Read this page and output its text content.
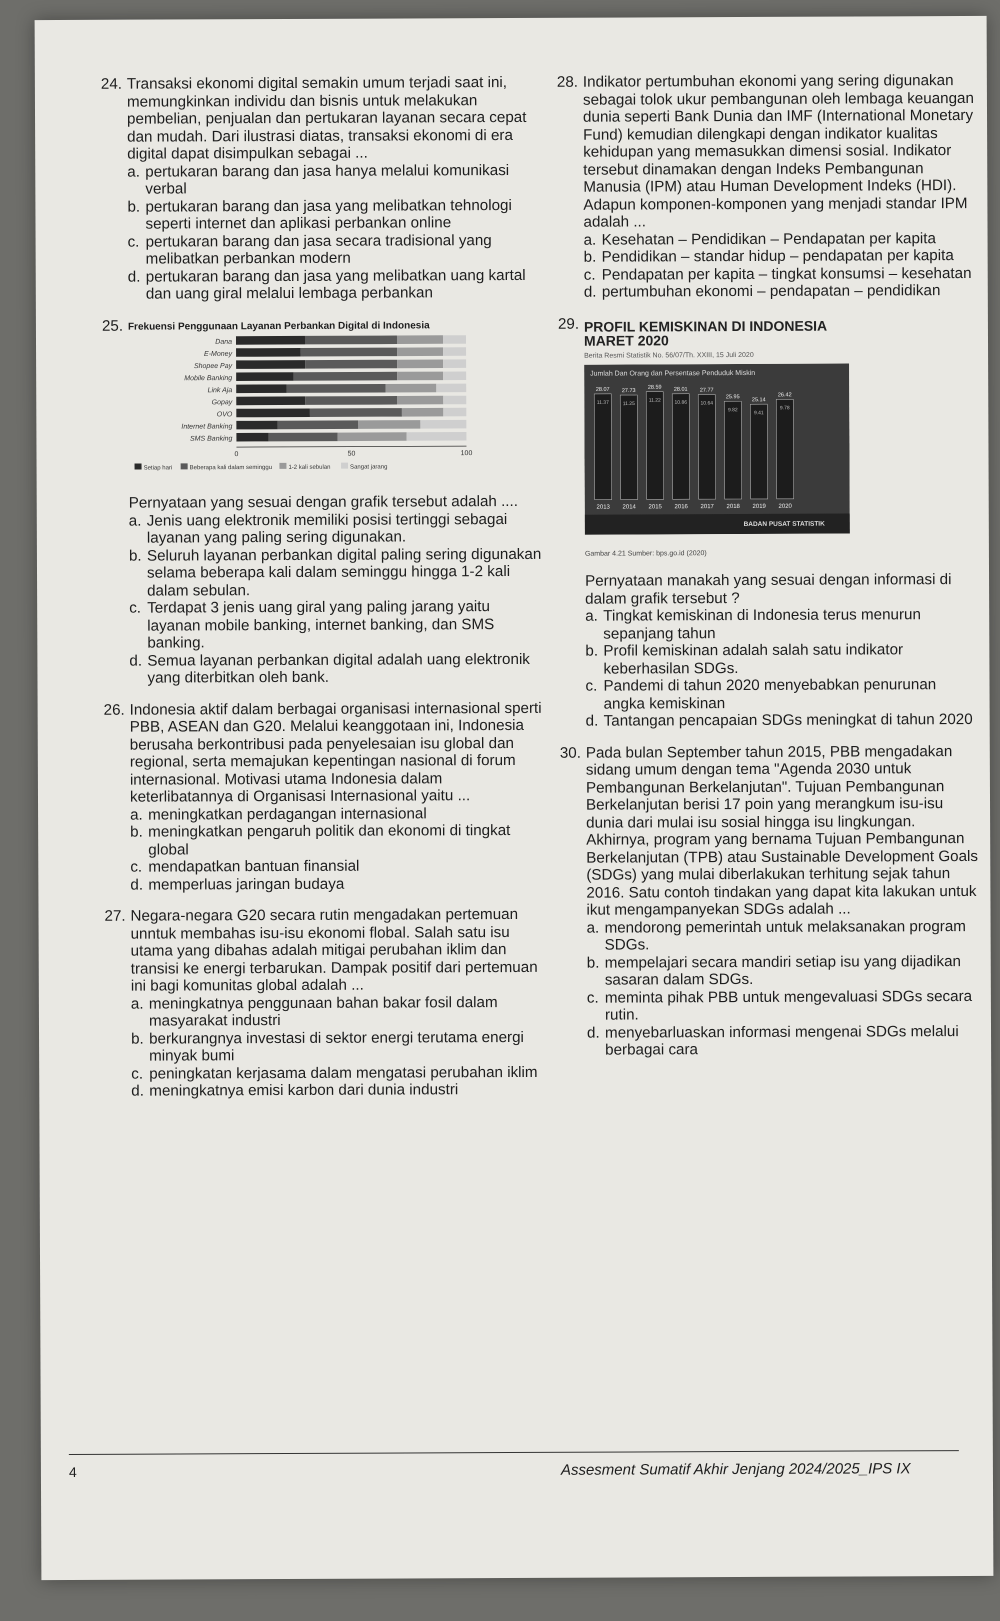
24. Transaksi ekonomi digital semakin umum terjadi saat ini, memungkinkan individu dan bisnis untuk melakukan pembelian, penjualan dan pertukaran layanan secara cepat dan mudah. Dari ilustrasi diatas, transaksi ekonomi di era digital dapat disimpulkan sebagai ...

a. pertukaran barang dan jasa hanya melalui komunikasi verbal
b. pertukaran barang dan jasa yang melibatkan tehnologi seperti internet dan aplikasi perbankan online
c. pertukaran barang dan jasa secara tradisional yang melibatkan perbankan modern
d. pertukaran barang dan jasa yang melibatkan uang kartal dan uang giral melalui lembaga perbankan
25. Frekuensi Penggunaan Layanan Perbankan Digital di Indonesia
Dana
E-Money
Shopee Pay
Mobile Banking
Link Aja
Gopay
OVO
Internet Banking
SMS Banking
0	50	100
Setiap hari	Beberapa kali dalam seminggu	1-2 kali sebulan	Sangat jarang

Pernyataan yang sesuai dengan grafik tersebut adalah ....

a. Jenis uang elektronik memiliki posisi tertinggi sebagai layanan yang paling sering digunakan.
b. Seluruh layanan perbankan digital paling sering digunakan selama beberapa kali dalam seminggu hingga 1-2 kali dalam sebulan.
c. Terdapat 3 jenis uang giral yang paling jarang yaitu layanan mobile banking, internet banking, dan SMS banking.
d. Semua layanan perbankan digital adalah uang elektronik yang diterbitkan oleh bank.
26. Indonesia aktif dalam berbagai organisasi internasional sperti PBB, ASEAN dan G20. Melalui keanggotaan ini, Indonesia berusaha berkontribusi pada penyelesaian isu global dan regional, serta memajukan kepentingan nasional di forum internasional. Motivasi utama Indonesia dalam keterlibatannya di Organisasi Internasional yaitu ...

a. meningkatkan perdagangan internasional
b. meningkatkan pengaruh politik dan ekonomi di tingkat global
c. mendapatkan bantuan finansial
d. memperluas jaringan budaya
27. Negara-negara G20 secara rutin mengadakan pertemuan unntuk membahas isu-isu ekonomi flobal. Salah satu isu utama yang dibahas adalah mitigai perubahan iklim dan transisi ke energi terbarukan. Dampak positif dari pertemuan ini bagi komunitas global adalah ...

a. meningkatnya penggunaan bahan bakar fosil dalam masyarakat industri
b. berkurangnya investasi di sektor energi terutama energi minyak bumi
c. peningkatan kerjasama dalam mengatasi perubahan iklim
d. meningkatnya emisi karbon dari dunia industri
28. Indikator pertumbuhan ekonomi yang sering digunakan sebagai tolok ukur pembangunan oleh lembaga keuangan dunia seperti Bank Dunia dan IMF (International Monetary Fund) kemudian dilengkapi dengan indikator kualitas kehidupan yang memasukkan dimensi sosial. Indikator tersebut dinamakan dengan Indeks Pembangunan Manusia (IPM) atau Human Development Indeks (HDI). Adapun komponen-komponen yang menjadi standar IPM adalah ...

a. Kesehatan – Pendidikan – Pendapatan per kapita
b. Pendidikan – standar hidup – pendapatan per kapita
c. Pendapatan per kapita – tingkat konsumsi – kesehatan
d. pertumbuhan ekonomi – pendapatan – pendidikan
29. PROFIL KEMISKINAN DI INDONESIA MARET 2020
Berita Resmi Statistik No. 56/07/Th. XXIII, 15 Juli 2020
Jumlah Dan Orang dan Persentase Penduduk Miskin
28.07
2013
11.37
27.73
2014
11.25
28.59
2015
11.22
28.01
2016
10.86
27.77
2017
10.64
25.95
2018
9.82
25.14
2019
9.41
26.42
2020
9.78
BADAN PUSAT STATISTIK
Gambar 4.21 Sumber: bps.go.id (2020)

Pernyataan manakah yang sesuai dengan informasi di dalam grafik tersebut ?

a. Tingkat kemiskinan di Indonesia terus menurun sepanjang tahun
b. Profil kemiskinan adalah salah satu indikator keberhasilan SDGs.
c. Pandemi di tahun 2020 menyebabkan penurunan angka kemiskinan
d. Tantangan pencapaian SDGs meningkat di tahun 2020
30. Pada bulan September tahun 2015, PBB mengadakan sidang umum dengan tema "Agenda 2030 untuk Pembangunan Berkelanjutan". Tujuan Pembangunan Berkelanjutan berisi 17 poin yang merangkum isu-isu dunia dari mulai isu sosial hingga isu lingkungan. Akhirnya, program yang bernama Tujuan Pembangunan Berkelanjutan (TPB) atau Sustainable Development Goals (SDGs) yang mulai diberlakukan terhitung sejak tahun 2016. Satu contoh tindakan yang dapat kita lakukan untuk ikut mengampanyekan SDGs adalah ...

a. mendorong pemerintah untuk melaksanakan program SDGs.
b. mempelajari secara mandiri setiap isu yang dijadikan sasaran dalam SDGs.
c. meminta pihak PBB untuk mengevaluasi SDGs secara rutin.
d. menyebarluaskan informasi mengenai SDGs melalui berbagai cara
4	Assesment Sumatif Akhir Jenjang 2024/2025_IPS IX
